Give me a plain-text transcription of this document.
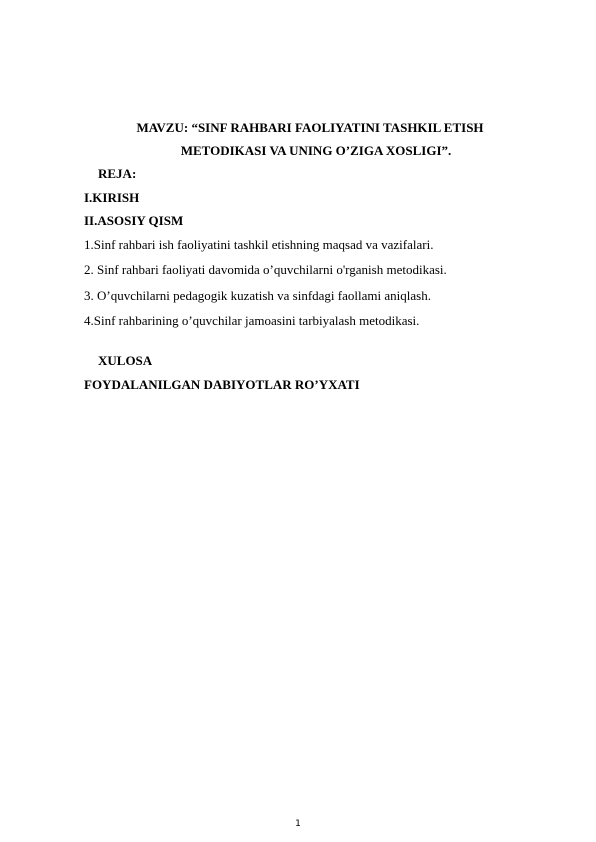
MAVZU: “SINF RAHBARI FAOLIYATINI TASHKIL ETISH
METODIKASI VA UNING O’ZIGA XOSLIGI”.
REJA:
I.KIRISH
II.ASOSIY QISM
1.Sinf rahbari ish faoliyatini tashkil etishning maqsad va vazifalari.
2. Sinf rahbari faoliyati davomida o’quvchilarni o'rganish metodikasi.
3. O’quvchilarni pedagogik kuzatish va sinfdagi faollami aniqlash.
4.Sinf rahbarining o’quvchilar jamoasini tarbiyalash metodikasi.
XULOSA
FOYDALANILGAN DABIYOTLAR RO’YXATI
1
